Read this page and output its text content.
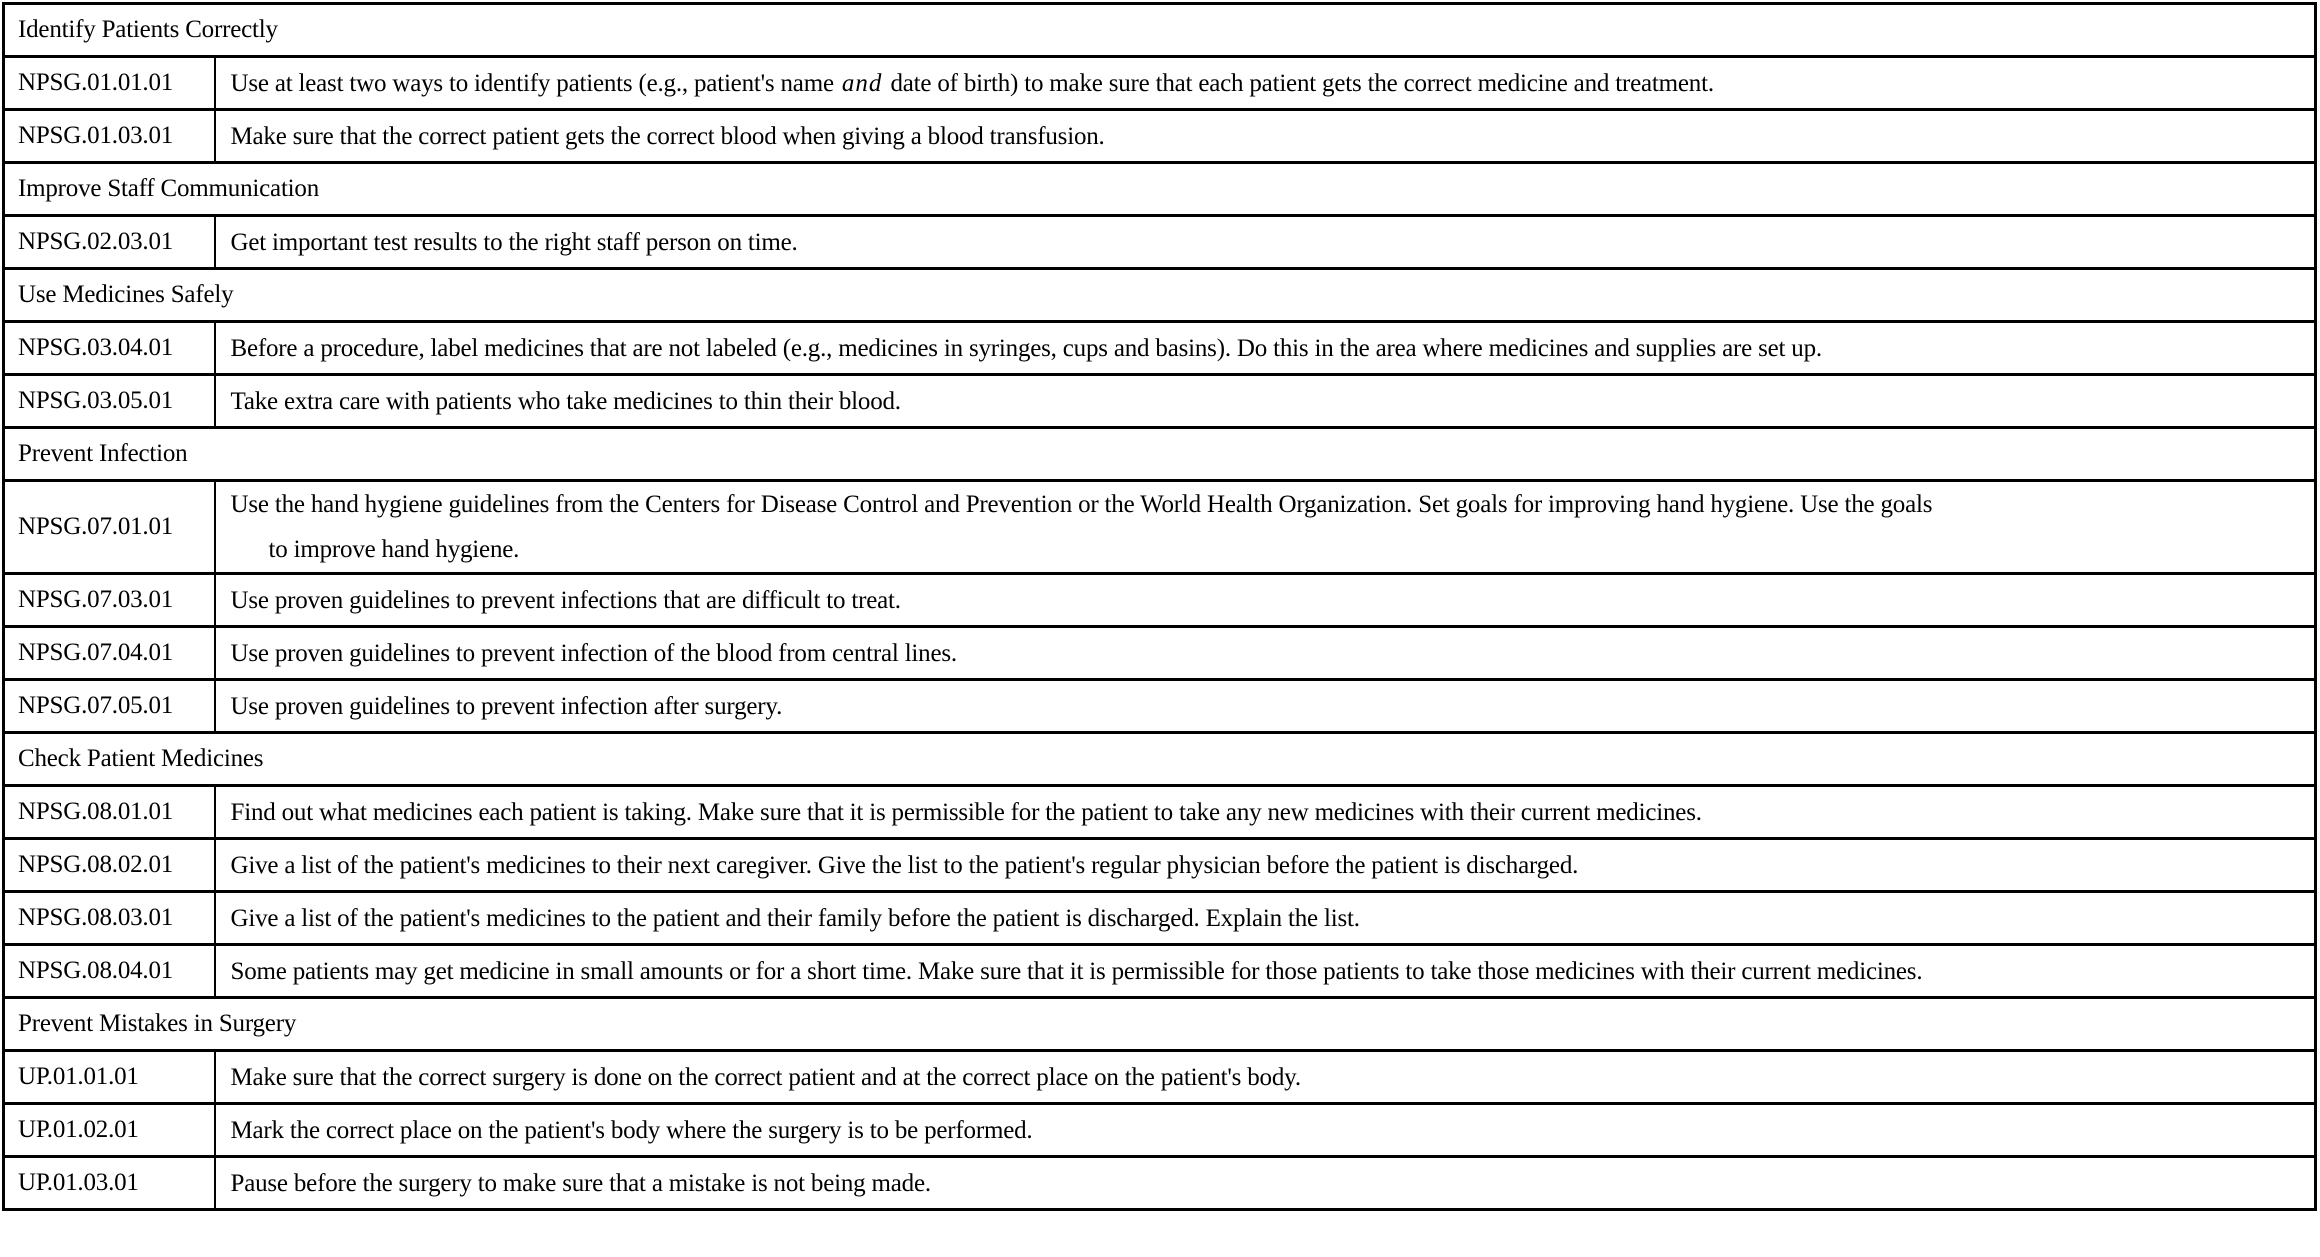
Identify Patients Correctly	
NPSG.01.01.01	Use at least two ways to identify patients (e.g., patient's name and date of birth) to make sure that each patient gets the correct medicine and treatment.

NPSG.01.03.01	Make sure that the correct patient gets the correct blood when giving a blood transfusion.

Improve Staff Communication	
NPSG.02.03.01	Get important test results to the right staff person on time.

Use Medicines Safely	
NPSG.03.04.01	Before a procedure, label medicines that are not labeled (e.g., medicines in syringes, cups and basins). Do this in the area where medicines and supplies are set up.

NPSG.03.05.01	Take extra care with patients who take medicines to thin their blood.

Prevent Infection	
NPSG.07.01.01	Use the hand hygiene guidelines from the Centers for Disease Control and Prevention or the World Health Organization. Set goals for improving hand hygiene. Use the goals
to improve hand hygiene.

NPSG.07.03.01	Use proven guidelines to prevent infections that are difficult to treat.

NPSG.07.04.01	Use proven guidelines to prevent infection of the blood from central lines.

NPSG.07.05.01	Use proven guidelines to prevent infection after surgery.

Check Patient Medicines	
NPSG.08.01.01	Find out what medicines each patient is taking. Make sure that it is permissible for the patient to take any new medicines with their current medicines.

NPSG.08.02.01	Give a list of the patient's medicines to their next caregiver. Give the list to the patient's regular physician before the patient is discharged.

NPSG.08.03.01	Give a list of the patient's medicines to the patient and their family before the patient is discharged. Explain the list.

NPSG.08.04.01	Some patients may get medicine in small amounts or for a short time. Make sure that it is permissible for those patients to take those medicines with their current medicines.

Prevent Mistakes in Surgery	
UP.01.01.01	Make sure that the correct surgery is done on the correct patient and at the correct place on the patient's body.

UP.01.02.01	Mark the correct place on the patient's body where the surgery is to be performed.

UP.01.03.01	Pause before the surgery to make sure that a mistake is not being made.
